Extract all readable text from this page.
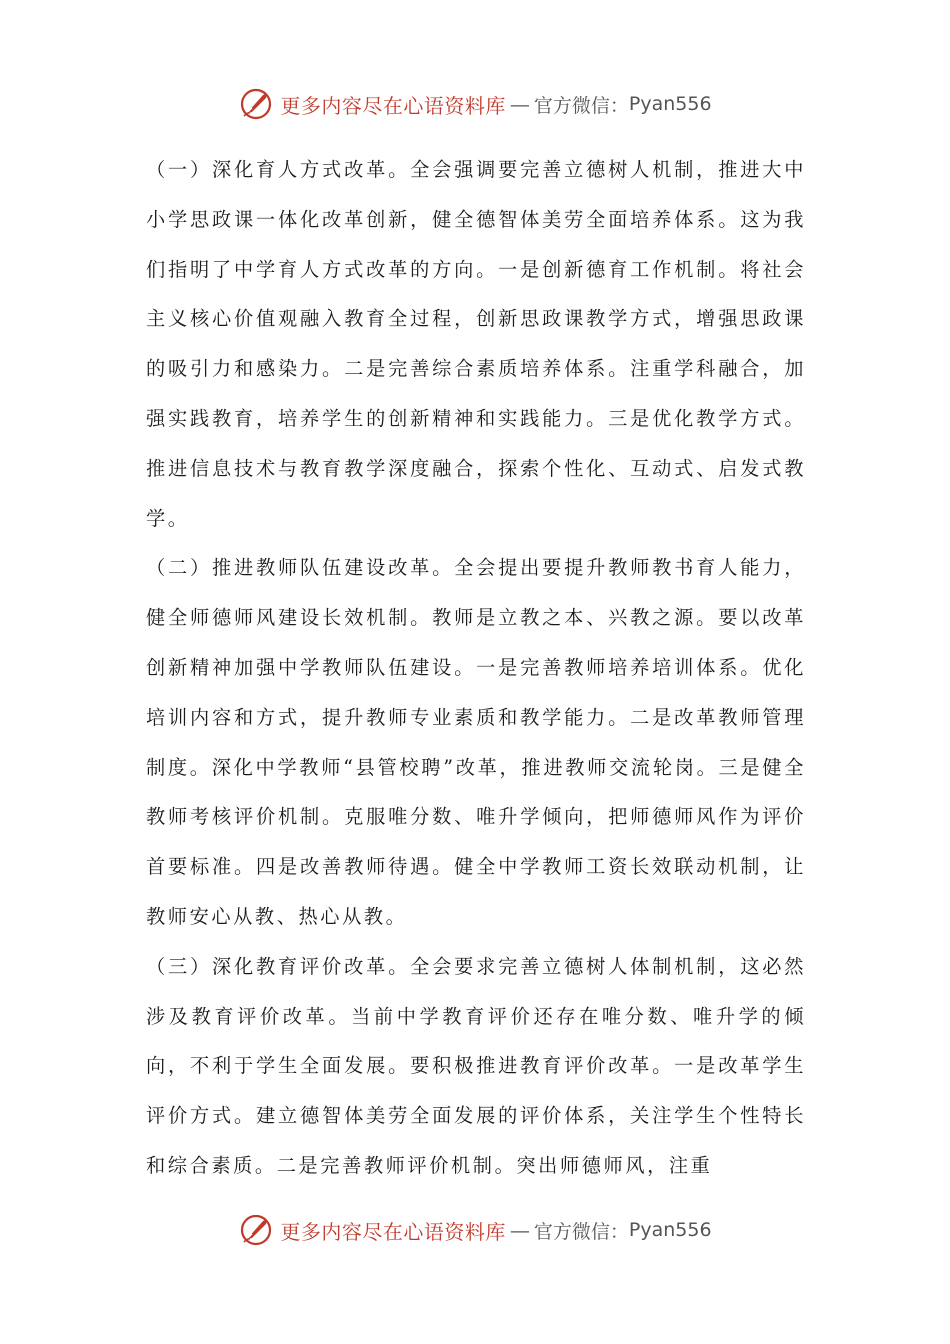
更多内容尽在心语资料库 — 官方微信： Pyan556

（一）深化育人方式改革。全会强调要完善立德树人机制，推进大中小学思政课一体化改革创新，健全德智体美劳全面培养体系。这为我们指明了中学育人方式改革的方向。一是创新德育工作机制。将社会主义核心价值观融入教育全过程，创新思政课教学方式，增强思政课的吸引力和感染力。二是完善综合素质培养体系。注重学科融合，加强实践教育，培养学生的创新精神和实践能力。三是优化教学方式。推进信息技术与教育教学深度融合，探索个性化、互动式、启发式教学。

（二）推进教师队伍建设改革。全会提出要提升教师教书育人能力，健全师德师风建设长效机制。教师是立教之本、兴教之源。要以改革创新精神加强中学教师队伍建设。一是完善教师培养培训体系。优化培训内容和方式，提升教师专业素质和教学能力。二是改革教师管理制度。深化中学教师“县管校聘”改革，推进教师交流轮岗。三是健全教师考核评价机制。克服唯分数、唯升学倾向，把师德师风作为评价首要标准。四是改善教师待遇。健全中学教师工资长效联动机制，让教师安心从教、热心从教。

（三）深化教育评价改革。全会要求完善立德树人体制机制，这必然涉及教育评价改革。当前中学教育评价还存在唯分数、唯升学的倾向，不利于学生全面发展。要积极推进教育评价改革。一是改革学生评价方式。建立德智体美劳全面发展的评价体系，关注学生个性特长和综合素质。二是完善教师评价机制。突出师德师风，注重

更多内容尽在心语资料库 — 官方微信： Pyan556
